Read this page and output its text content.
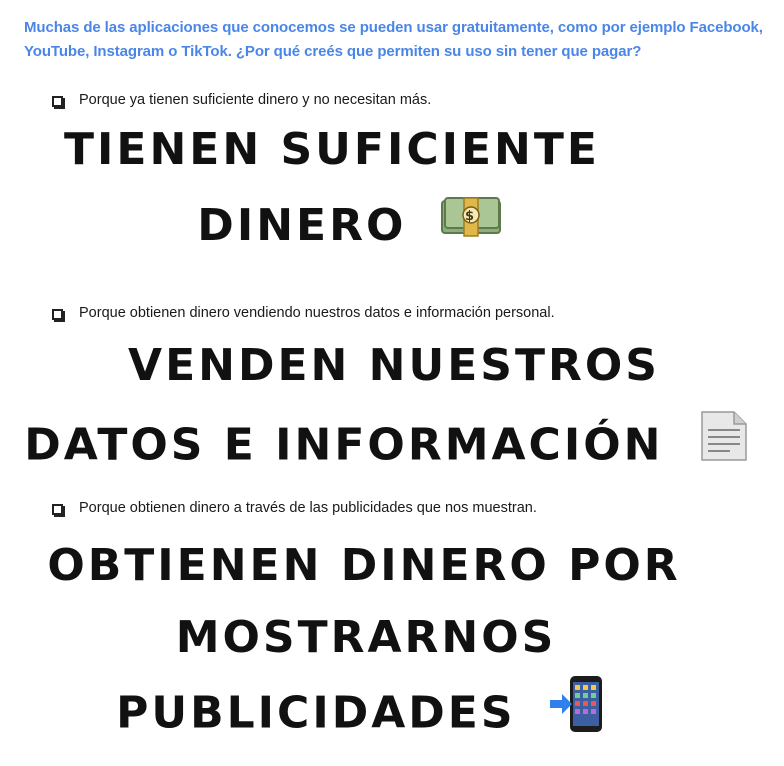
Muchas de las aplicaciones que conocemos se pueden usar gratuitamente, como por ejemplo Facebook, YouTube, Instagram o TikTok. ¿Por qué creés que permiten su uso sin tener que pagar?
Porque ya tienen suficiente dinero y no necesitan más.
TIENEN SUFICIENTE
DINERO	$
Porque obtienen dinero vendiendo nuestros datos e información personal.
VENDEN NUESTROS
DATOS E INFORMACIÓN
Porque obtienen dinero a través de las publicidades que nos muestran.
OBTIENEN DINERO POR
MOSTRARNOS
PUBLICIDADES
